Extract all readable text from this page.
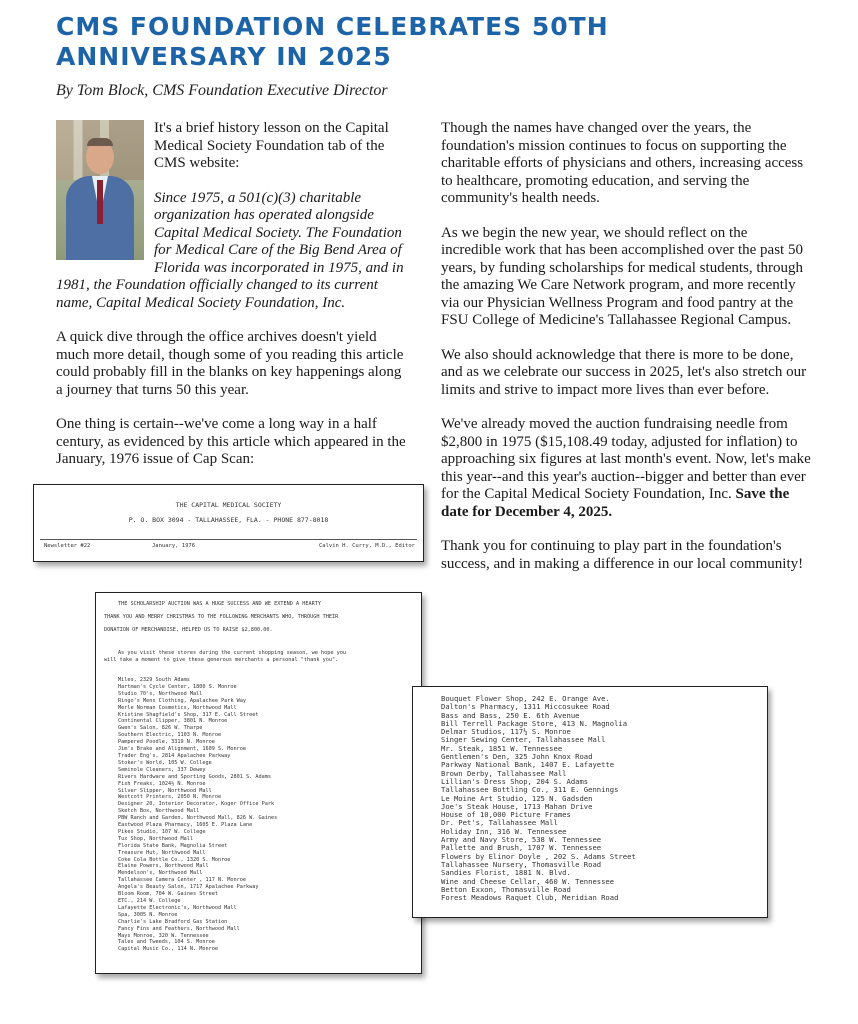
CMS FOUNDATION CELEBRATES 50TH ANNIVERSARY IN 2025
By Tom Block, CMS Foundation Executive Director

It's a brief history lesson on the Capital Medical Society Foundation tab of the CMS website:

Since 1975, a 501(c)(3) charitable organization has operated alongside Capital Medical Society. The Foundation for Medical Care of the Big Bend Area of Florida was incorporated in 1975, and in 1981, the Foundation officially changed to its current name, Capital Medical Society Foundation, Inc.

A quick dive through the office archives doesn't yield much more detail, though some of you reading this article could probably fill in the blanks on key happenings along a journey that turns 50 this year.

One thing is certain--we've come a long way in a half century, as evidenced by this article which appeared in the January, 1976 issue of Cap Scan:

Though the names have changed over the years, the foundation's mission continues to focus on supporting the charitable efforts of physicians and others, increasing access to healthcare, promoting education, and serving the community's health needs.

As we begin the new year, we should reflect on the incredible work that has been accomplished over the past 50 years, by funding scholarships for medical students, through the amazing We Care Network program, and more recently via our Physician Wellness Program and food pantry at the FSU College of Medicine's Tallahassee Regional Campus.

We also should acknowledge that there is more to be done, and as we celebrate our success in 2025, let's also stretch our limits and strive to impact more lives than ever before.

We've already moved the auction fundraising needle from $2,800 in 1975 ($15,108.49 today, adjusted for inflation) to approaching six figures at last month's event. Now, let's make this year--and this year's auction--bigger and better than ever for the Capital Medical Society Foundation, Inc. Save the date for December 4, 2025.

Thank you for continuing to play part in the foundation's success, and in making a difference in our local community!

THE CAPITAL MEDICAL SOCIETY
P. O. BOX 3094 - TALLAHASSEE, FLA. - PHONE 877-8018
Newsletter #22	January, 1976	Calvin H. Curry, M.D., Editor
THE SCHOLARSHIP AUCTION WAS A HUGE SUCCESS AND WE EXTEND A HEARTY
THANK YOU AND MERRY CHRISTMAS TO THE FOLLOWING MERCHANTS WHO, THROUGH THEIR
DONATION OF MERCHANDISE, HELPED US TO RAISE $2,800.00.
As you visit these stores during the current shopping season, we hope you
will take a moment to give these generous merchants a personal "thank you".
Miles, 2329 South Adams
Hartman's Cycle Center, 1800 S. Monroe
Studio 70's, Northwood Mall
Ringo's Mens Clothing, Apalachee Park Way
Merle Norman Cosmetics, Northwood Mall
Kristine Shagfield's Shop, 317 E. Call Street
Continental Clipper, 3801 N. Monroe
Gwen's Salon, 826 W. Tharpe
Southern Electric, 1103 N. Monroe
Pampered Poodle, 3319 N. Monroe
Jim's Brake and Alignment, 1609 S. Monroe
Trader Eng's, 2814 Apalachee Parkway
Stoker's World, 105 W. College
Seminole Cleaners, 337 Dewey
Rivers Hardware and Sporting Goods, 2801 S. Adams
Fish Freaks, 1024½ N. Monroe
Silver Slipper, Northwood Mall
Westcott Printers, 2050 N. Monroe
Designer 20, Interior Decorator, Koger Office Park
Sketch Box, Northwood Mall
PBW Ranch and Garden, Northwood Mall, 826 W. Gaines
Eastwood Plaza Pharmacy, 1605 E. Plaza Lane
Pikes Studio, 107 W. College
Tux Shop, Northwood Mall
Florida State Bank, Magnolia Street
Treasure Hut, Northwood Mall
Coke Cola Bottle Co., 1320 S. Monroe
Elaine Powers, Northwood Mall
Mendelson's, Northwood Mall
Tallahassee Camera Center , 117 N. Monroe
Angela's Beauty Salon, 1717 Apalachee Parkway
Bloom Room, 704 W. Gaines Street
ETC., 214 W. College
Lafayette Electronic's, Northwood Mall
Spa, 3005 N. Monroe
Charlie's Lake Bradford Gas Station
Fancy Fins and Feathers, Northwood Mall
Mays Monroe, 320 W. Tennessee
Tales and Tweeds, 104 S. Monroe
Capital Music Co., 114 N. Monroe
Bouquet Flower Shop, 242 E. Orange Ave.
Dalton's Pharmacy, 1311 Miccosukee Road
Bass and Bass, 250 E. 6th Avenue
Bill Terrell Package Store, 413 N. Magnolia
Delmar Studios, 117½ S. Monroe
Singer Sewing Center, Tallahassee Mall
Mr. Steak, 1851 W. Tennessee
Gentlemen's Den, 325 John Knox Road
Parkway National Bank, 1407 E. Lafayette
Brown Derby, Tallahassee Mall
Lillian's Dress Shop, 204 S. Adams
Tallahassee Bottling Co., 311 E. Gennings
Le Moine Art Studio, 125 N. Gadsden
Joe's Steak House, 1713 Mahan Drive
House of 10,000 Picture Frames
Dr. Pet's, Tallahassee Mall
Holiday Inn, 316 W. Tennessee
Army and Navy Store, 538 W. Tennessee
Pallette and Brush, 1707 W. Tennessee
Flowers by Elinor Doyle , 202 S. Adams Street
Tallahassee Nursery, Thomasville Road
Sandies Florist, 1881 N. Blvd.
Wine and Cheese Cellar, 460 W. Tennessee
Betton Exxon, Thomasville Road
Forest Meadows Raquet Club, Meridian Road
